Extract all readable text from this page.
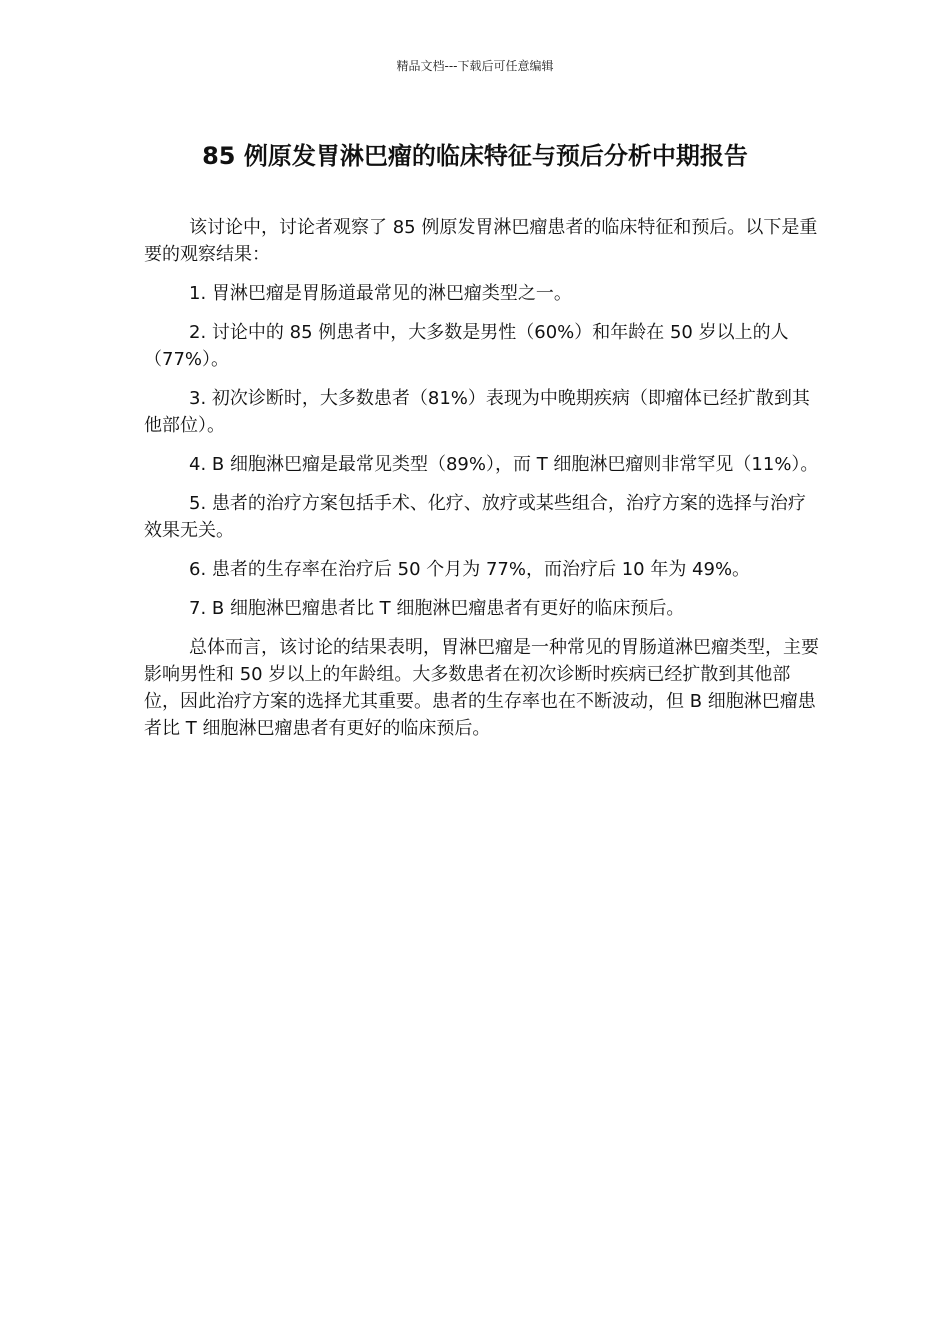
精品文档---下载后可任意编辑
85 例原发胃淋巴瘤的临床特征与预后分析中期报告

该讨论中，讨论者观察了 85 例原发胃淋巴瘤患者的临床特征和预后。以下是重要的观察结果：

1. 胃淋巴瘤是胃肠道最常见的淋巴瘤类型之一。

2. 讨论中的 85 例患者中，大多数是男性（60%）和年龄在 50 岁以上的人（77%）。

3. 初次诊断时，大多数患者（81%）表现为中晚期疾病（即瘤体已经扩散到其他部位）。

4. B 细胞淋巴瘤是最常见类型（89%），而 T 细胞淋巴瘤则非常罕见（11%）。

5. 患者的治疗方案包括手术、化疗、放疗或某些组合，治疗方案的选择与治疗效果无关。

6. 患者的生存率在治疗后 50 个月为 77%，而治疗后 10 年为 49%。

7. B 细胞淋巴瘤患者比 T 细胞淋巴瘤患者有更好的临床预后。

总体而言，该讨论的结果表明，胃淋巴瘤是一种常见的胃肠道淋巴瘤类型，主要影响男性和 50 岁以上的年龄组。大多数患者在初次诊断时疾病已经扩散到其他部位，因此治疗方案的选择尤其重要。患者的生存率也在不断波动，但 B 细胞淋巴瘤患者比 T 细胞淋巴瘤患者有更好的临床预后。
